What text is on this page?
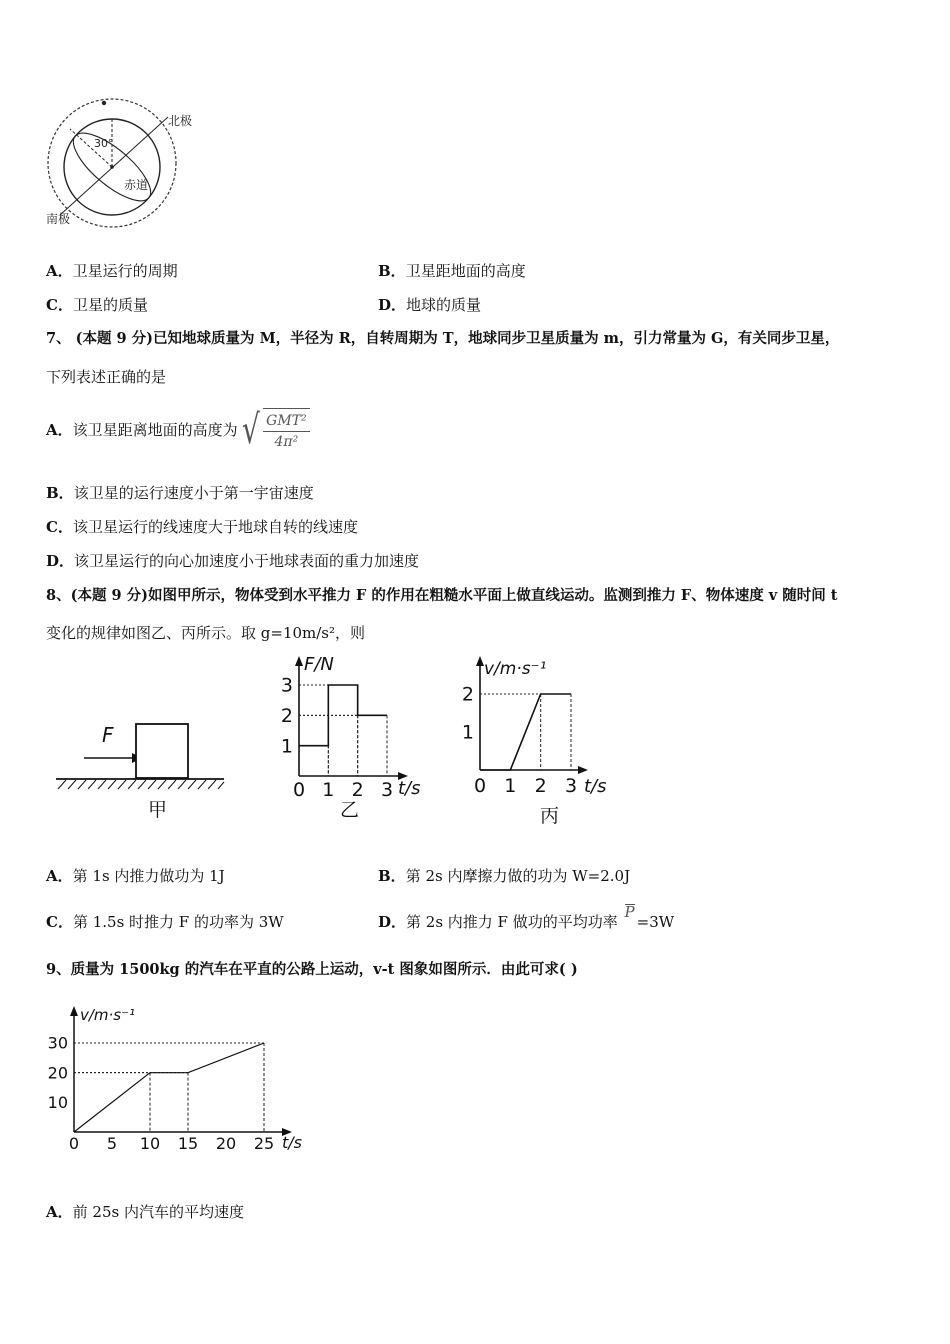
30°
北极
赤道
南极
A．卫星运行的周期	B．卫星距地面的高度
C．卫星的质量	D．地球的质量
7、 (本题 9 分)已知地球质量为 M，半径为 R，自转周期为 T，地球同步卫星质量为 m，引力常量为 G，有关同步卫星，
下列表述正确的是
A． 该卫星距离地面的高度为 √ $\frac{\text{GMT²}}{\text{4π²}}$
B．该卫星的运行速度小于第一宇宙速度
C．该卫星运行的线速度大于地球自转的线速度
D．该卫星运行的向心加速度小于地球表面的重力加速度
8、(本题 9 分)如图甲所示，物体受到水平推力 F 的作用在粗糙水平面上做直线运动。监测到推力 F、物体速度 v 随时间 t
变化的规律如图乙、丙所示。取 g=10m/s²，则
F
甲
F/N
t/s
乙
0 1 2 3
1
2
3
v/m·s⁻¹
t/s
丙
0 1 2 3
1
2
A．第 1s 内推力做功为 1J	B．第 2s 内摩擦力做的功为 W=2.0J
C．第 1.5s 时推力 F 的功率为 3W	D．第 2s 内推力 F 做功的平均功率 P=3W
9、质量为 1500kg 的汽车在平直的公路上运动，v-t 图象如图所示．由此可求( )
v/m·s⁻¹
t/s
0 5 10 15 20 25
10
20
30
A．前 25s 内汽车的平均速度
